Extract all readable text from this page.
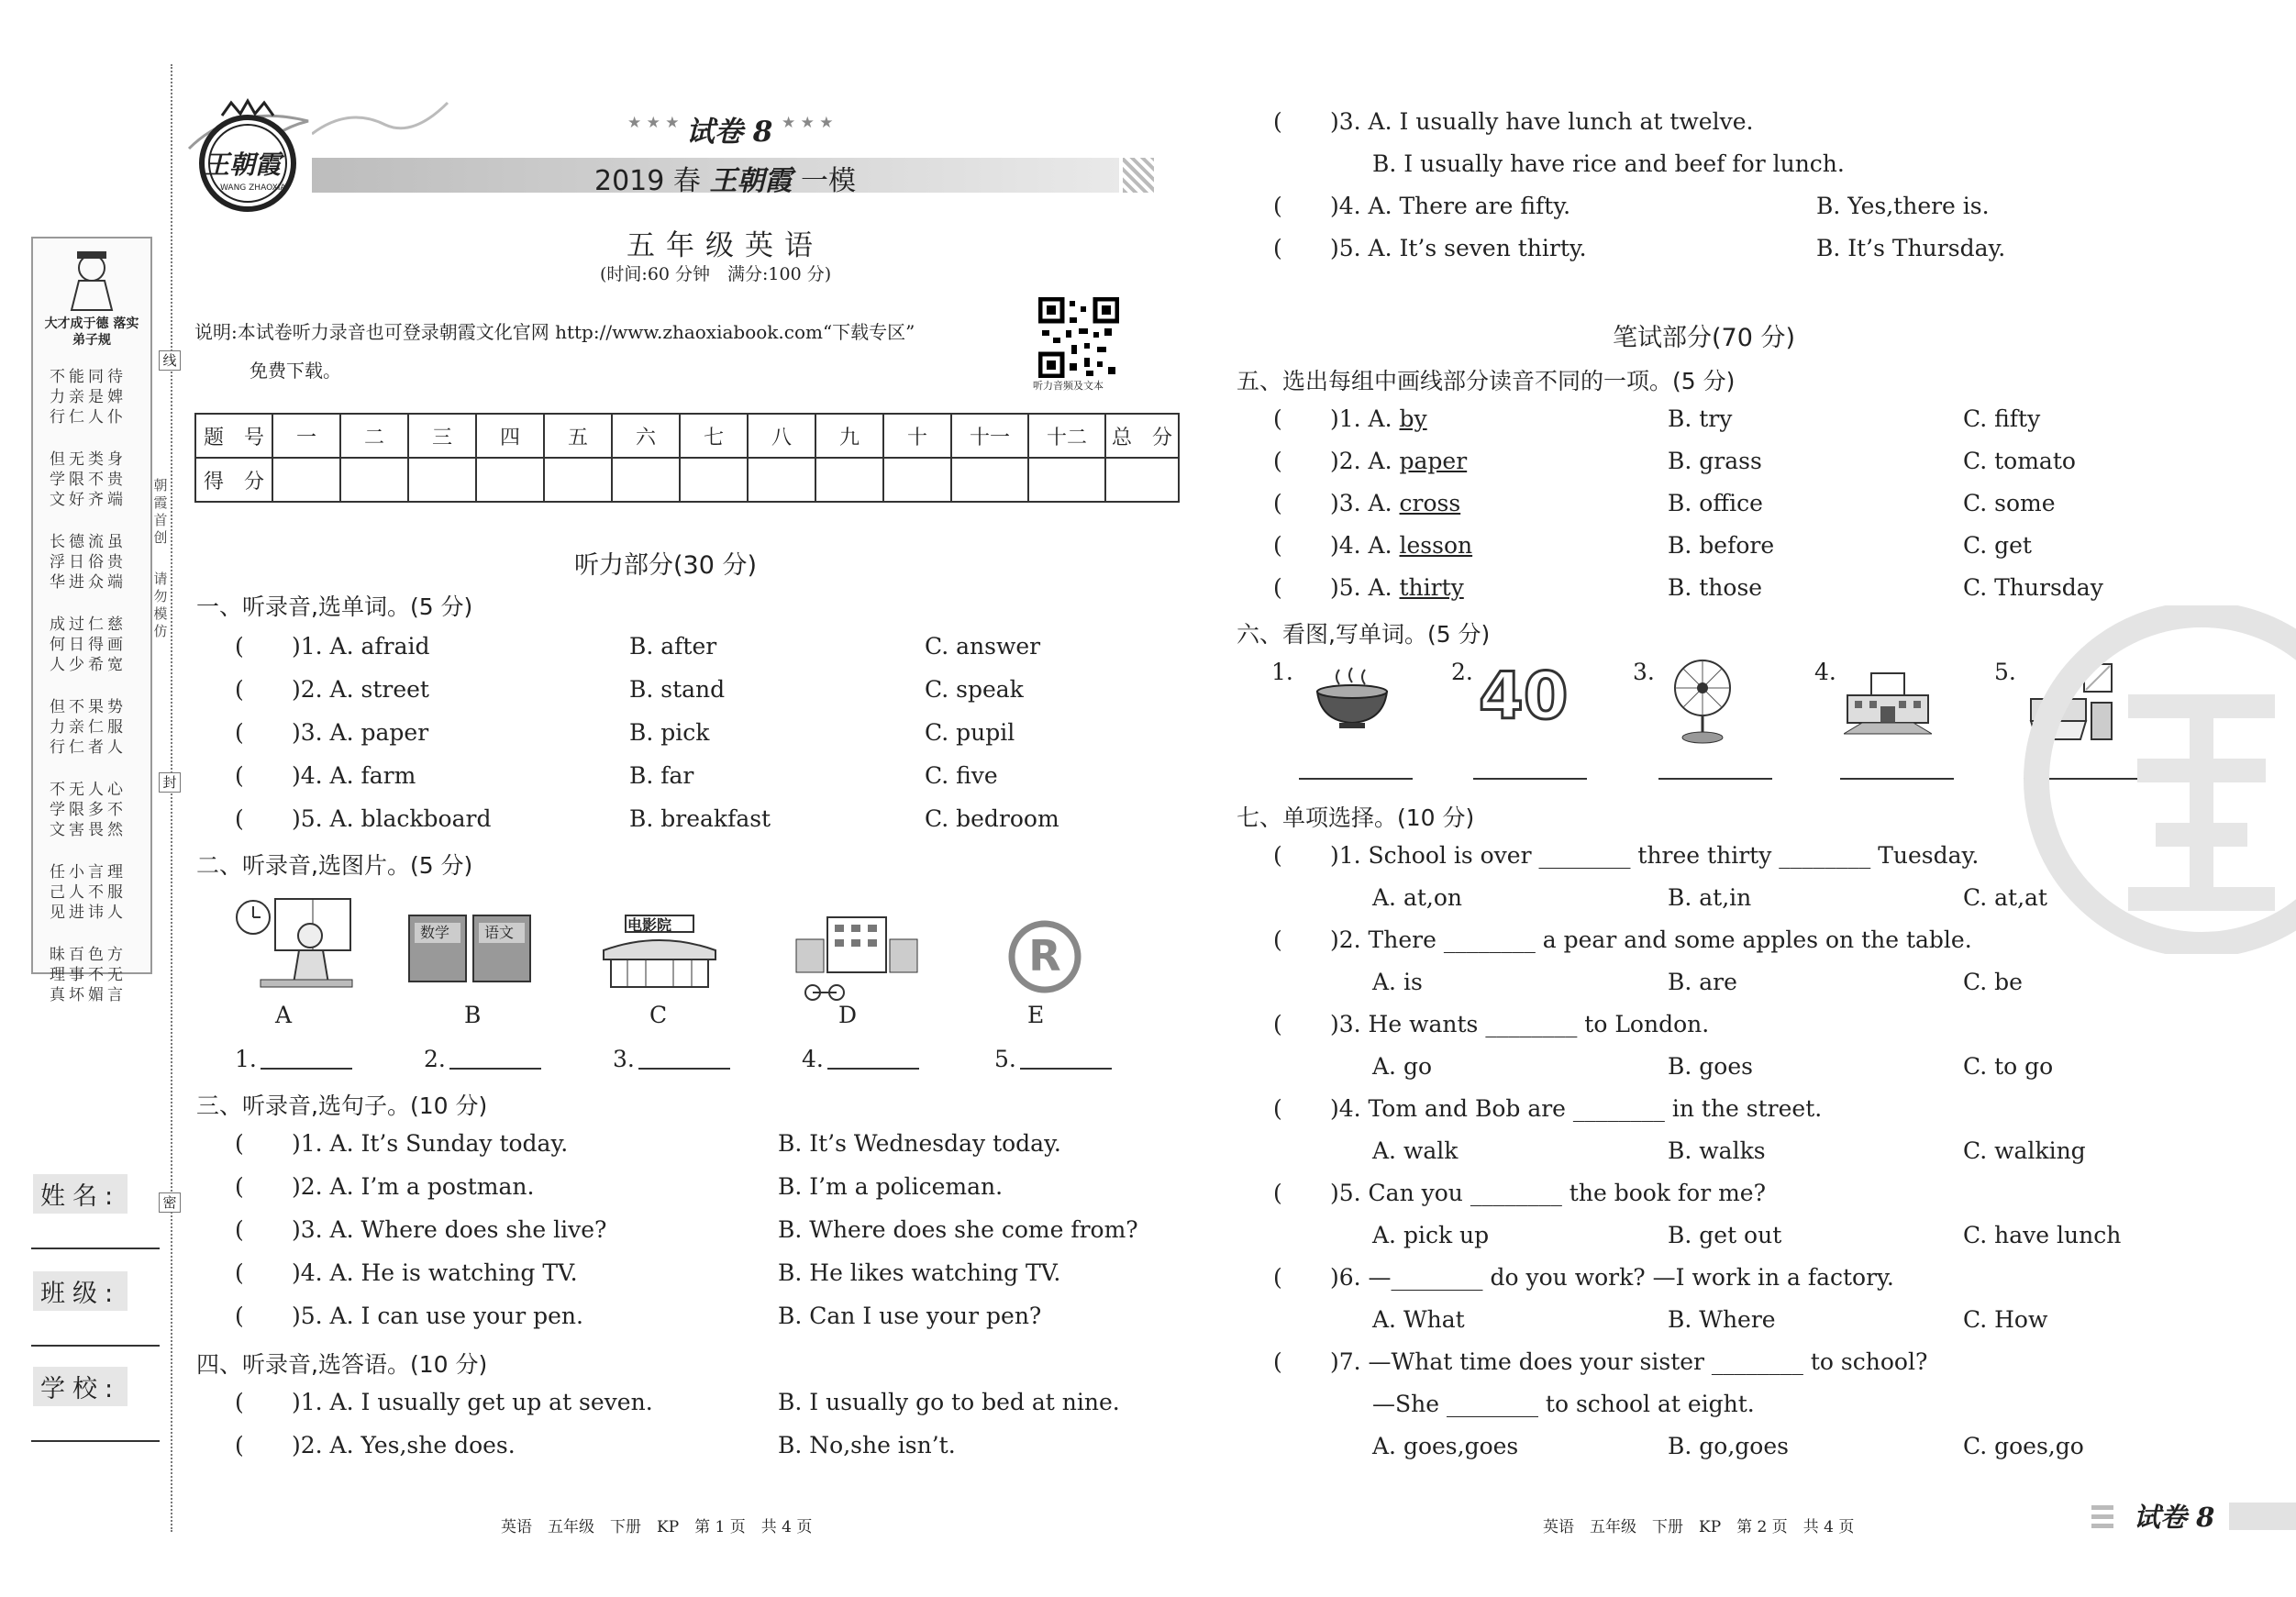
大才成于德 落实弟子规
不能同待
力亲是婢
行仁人仆
但无类身
学限不贵
文好齐端
长德流虽
浮日俗贵
华进众端
成过仁慈
何日得画
人少希宽
但不果势
力亲仁服
行仁者人
不无人心
学限多不
文害畏然
任小言理
己人不服
见进讳人
昧百色方
理事不无
真坏媚言
线
封
密
朝霞首创
请勿模仿
姓名:
班级:
学校:
王朝霞
WANG ZHAOXIA
★ ★ ★ 试卷 8 ★ ★ ★
2019 春 王朝霞 一模
五年级英语
(时间:60 分钟　满分:100 分)
说明:本试卷听力录音也可登录朝霞文化官网 http://www.zhaoxiabook.com“下载专区”
免费下载。
听力音频及文本
题　号	一	二	三	四	五	六	七	八	九	十	十一	十二	总　分
得　分													
听力部分(30 分)
一、听录音,选单词。(5 分)
( )1. A. afraid	B. after	C. answer
( )2. A. street	B. stand	C. speak
( )3. A. paper	B. pick	C. pupil
( )4. A. farm	B. far	C. five
( )5. A. blackboard	B. breakfast	C. bedroom
二、听录音,选图片。(5 分)
数学 语文	电影院
R
A	B	C	D	E
1.	2.	3.	4.	5.
三、听录音,选句子。(10 分)
( )1. A. It’s Sunday today.	B. It’s Wednesday today.
( )2. A. I’m a postman.	B. I’m a policeman.
( )3. A. Where does she live?	B. Where does she come from?
( )4. A. He is watching TV.	B. He likes watching TV.
( )5. A. I can use your pen.	B. Can I use your pen?
四、听录音,选答语。(10 分)
( )1. A. I usually get up at seven.	B. I usually go to bed at nine.
( )2. A. Yes,she does.	B. No,she isn’t.
英语　五年级　下册　KP　第 1 页　共 4 页
( )3. A. I usually have lunch at twelve.
B. I usually have rice and beef for lunch.
( )4. A. There are fifty.	B. Yes,there is.
( )5. A. It’s seven thirty.	B. It’s Thursday.
笔试部分(70 分)
五、选出每组中画线部分读音不同的一项。(5 分)
( )1. A. by	B. try	C. fifty
( )2. A. paper	B. grass	C. tomato
( )3. A. cross	B. office	C. some
( )4. A. lesson	B. before	C. get
( )5. A. thirty	B. those	C. Thursday
六、看图,写单词。(5 分)
1.	2.	3.	4.	5.
40
七、单项选择。(10 分)
( )1. School is over ________ three thirty ________ Tuesday.
A. at,on	B. at,in	C. at,at
( )2. There ________ a pear and some apples on the table.
A. is	B. are	C. be
( )3. He wants ________ to London.
A. go	B. goes	C. to go
( )4. Tom and Bob are ________ in the street.
A. walk	B. walks	C. walking
( )5. Can you ________ the book for me?
A. pick up	B. get out	C. have lunch
( )6. —________ do you work? —I work in a factory.
A. What	B. Where	C. How
( )7. —What time does your sister ________ to school?
—She ________ to school at eight.
A. goes,goes	B. go,goes	C. goes,go
英语　五年级　下册　KP　第 2 页　共 4 页	试卷 8
